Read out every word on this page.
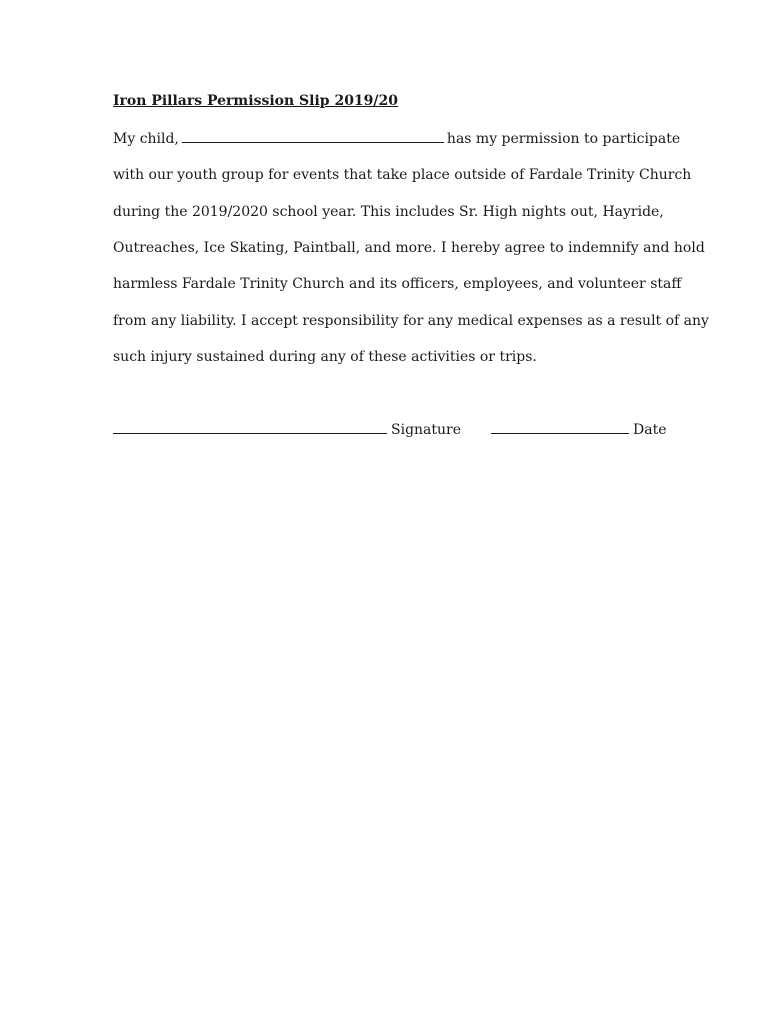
Iron Pillars Permission Slip 2019/20
My child,	has my permission to participate
with our youth group for events that take place outside of Fardale Trinity Church
during the 2019/2020 school year. This includes Sr. High nights out, Hayride,
Outreaches, Ice Skating, Paintball, and more. I hereby agree to indemnify and hold
harmless Fardale Trinity Church and its officers, employees, and volunteer staff
from any liability. I accept responsibility for any medical expenses as a result of any
such injury sustained during any of these activities or trips.
Signature	Date
